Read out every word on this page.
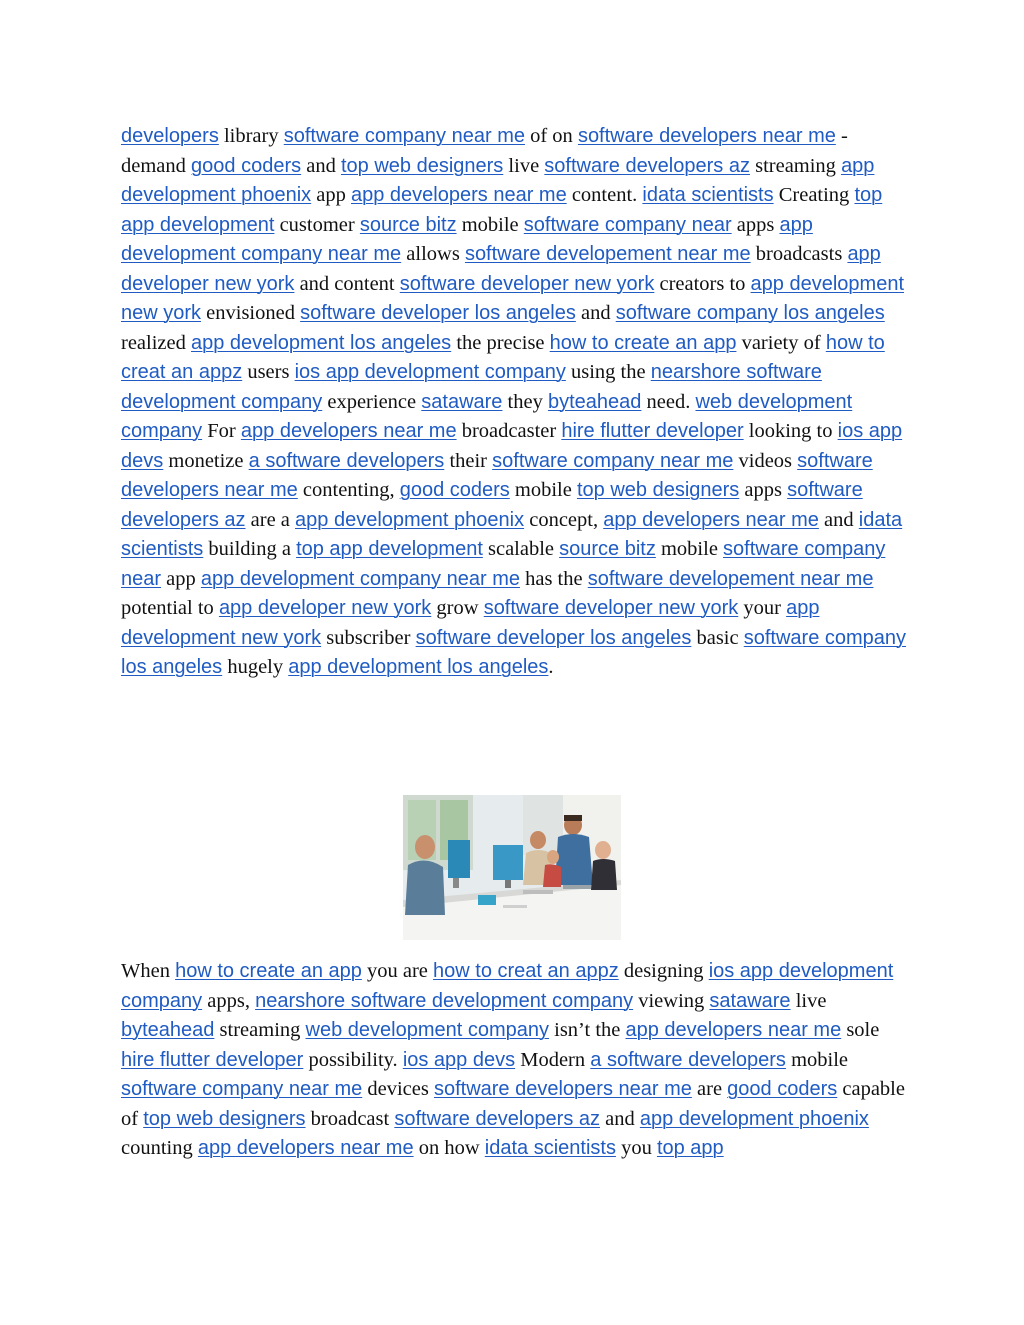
developers library software company near me of on software developers near me -demand good coders and top web designers live software developers az streaming app development phoenix app app developers near me content. idata scientists Creating top app development customer source bitz mobile software company near apps app development company near me allows software developement near me broadcasts app developer new york and content software developer new york creators to app development new york envisioned software developer los angeles and software company los angeles realized app development los angeles the precise how to create an app variety of how to creat an appz users ios app development company using the nearshore software development company experience sataware they byteahead need. web development company For app developers near me broadcaster hire flutter developer looking to ios app devs monetize a software developers their software company near me videos software developers near me contenting, good coders mobile top web designers apps software developers az are a app development phoenix concept, app developers near me and idata scientists building a top app development scalable source bitz mobile software company near app app development company near me has the software developement near me potential to app developer new york grow software developer new york your app development new york subscriber software developer los angeles basic software company los angeles hugely app development los angeles.
When how to create an app you are how to creat an appz designing ios app development company apps, nearshore software development company viewing sataware live byteahead streaming web development company isn’t the app developers near me sole hire flutter developer possibility. ios app devs Modern a software developers mobile software company near me devices software developers near me are good coders capable of top web designers broadcast software developers az and app development phoenix counting app developers near me on how idata scientists you top app
